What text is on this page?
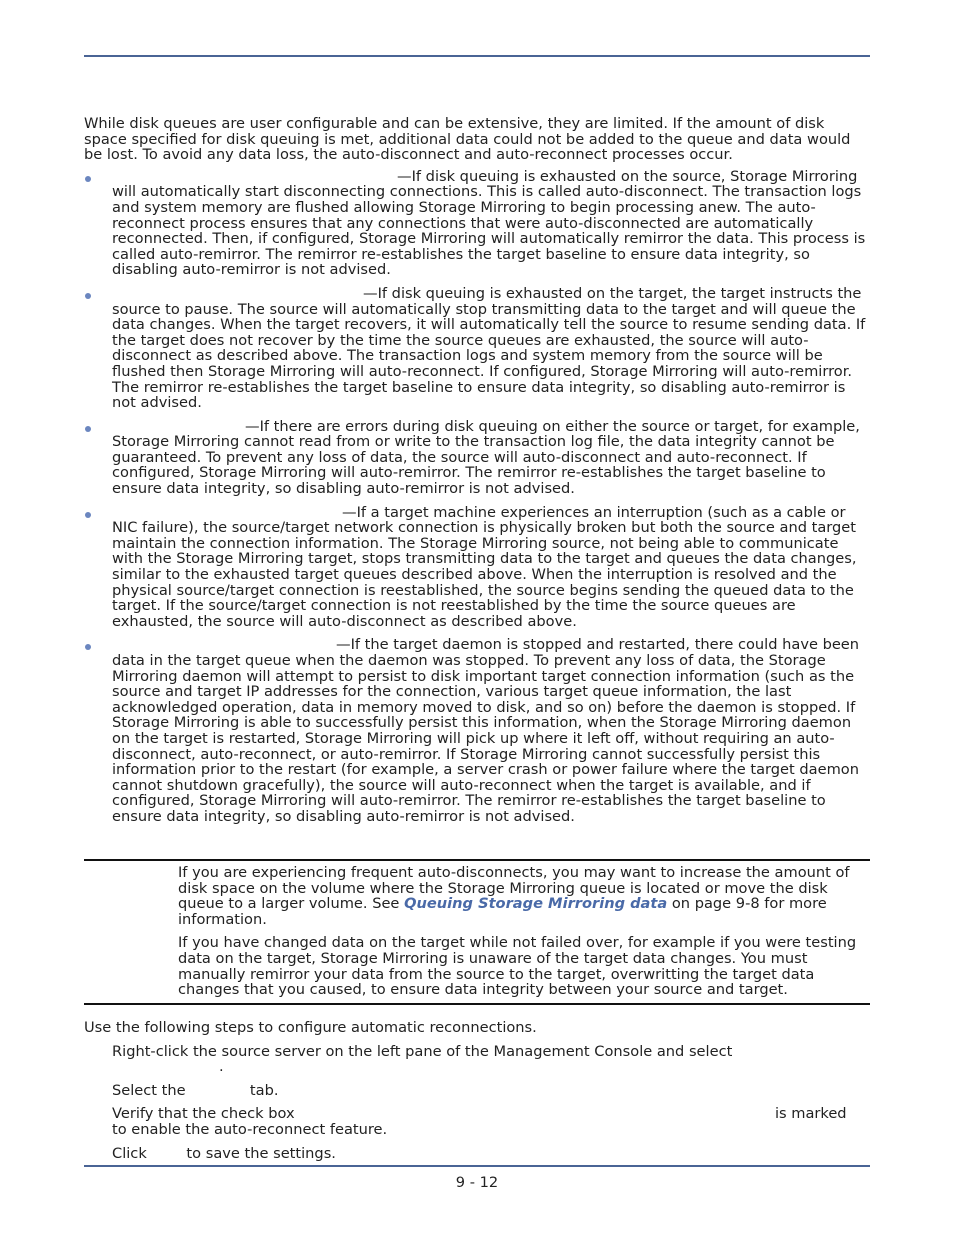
While disk queues are user configurable and can be extensive, they are limited. If the amount of disk space specified for disk queuing is met, additional data could not be added to the queue and data would be lost. To avoid any data loss, the auto-disconnect and auto-reconnect processes occur.

—If disk queuing is exhausted on the source, Storage Mirroring will automatically start disconnecting connections. This is called auto-disconnect. The transaction logs and system memory are flushed allowing Storage Mirroring to begin processing anew. The auto-reconnect process ensures that any connections that were auto-disconnected are automatically reconnected. Then, if configured, Storage Mirroring will automatically remirror the data. This process is called auto-remirror. The remirror re-establishes the target baseline to ensure data integrity, so disabling auto-remirror is not advised.
—If disk queuing is exhausted on the target, the target instructs the source to pause. The source will automatically stop transmitting data to the target and will queue the data changes. When the target recovers, it will automatically tell the source to resume sending data. If the target does not recover by the time the source queues are exhausted, the source will auto-disconnect as described above. The transaction logs and system memory from the source will be flushed then Storage Mirroring will auto-reconnect. If configured, Storage Mirroring will auto-remirror. The remirror re-establishes the target baseline to ensure data integrity, so disabling auto-remirror is not advised.
—If there are errors during disk queuing on either the source or target, for example, Storage Mirroring cannot read from or write to the transaction log file, the data integrity cannot be guaranteed. To prevent any loss of data, the source will auto-disconnect and auto-reconnect. If configured, Storage Mirroring will auto-remirror. The remirror re-establishes the target baseline to ensure data integrity, so disabling auto-remirror is not advised.
—If a target machine experiences an interruption (such as a cable or NIC failure), the source/target network connection is physically broken but both the source and target maintain the connection information. The Storage Mirroring source, not being able to communicate with the Storage Mirroring target, stops transmitting data to the target and queues the data changes, similar to the exhausted target queues described above. When the interruption is resolved and the physical source/target connection is reestablished, the source begins sending the queued data to the target. If the source/target connection is not reestablished by the time the source queues are exhausted, the source will auto-disconnect as described above.
—If the target daemon is stopped and restarted, there could have been data in the target queue when the daemon was stopped. To prevent any loss of data, the Storage Mirroring daemon will attempt to persist to disk important target connection information (such as the source and target IP addresses for the connection, various target queue information, the last acknowledged operation, data in memory moved to disk, and so on) before the daemon is stopped. If Storage Mirroring is able to successfully persist this information, when the Storage Mirroring daemon on the target is restarted, Storage Mirroring will pick up where it left off, without requiring an auto-disconnect, auto-reconnect, or auto-remirror. If Storage Mirroring cannot successfully persist this information prior to the restart (for example, a server crash or power failure where the target daemon cannot shutdown gracefully), the source will auto-reconnect when the target is available, and if configured, Storage Mirroring will auto-remirror. The remirror re-establishes the target baseline to ensure data integrity, so disabling auto-remirror is not advised.

If you are experiencing frequent auto-disconnects, you may want to increase the amount of disk space on the volume where the Storage Mirroring queue is located or move the disk queue to a larger volume. See Queuing Storage Mirroring data on page 9-8 for more information.

If you have changed data on the target while not failed over, for example if you were testing data on the target, Storage Mirroring is unaware of the target data changes. You must manually remirror your data from the source to the target, overwritting the target data changes that you caused, to ensure data integrity between your source and target.

Use the following steps to configure automatic reconnections.

Right-click the source server on the left pane of the Management Console and select
.

Select the	tab.

Verify that the check box	is marked
to enable the auto-reconnect feature.

Click	to save the settings.

9 - 12
